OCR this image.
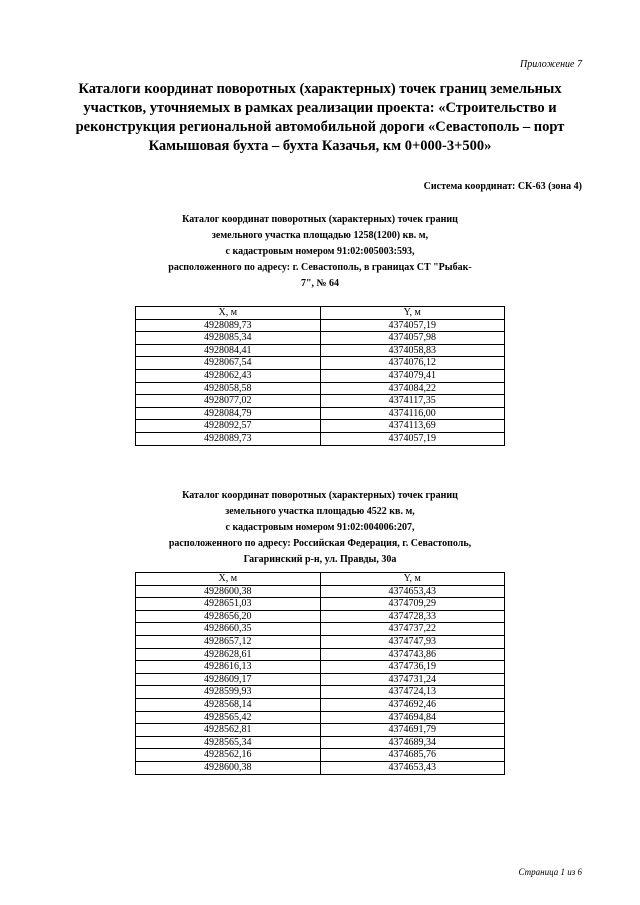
Приложение 7
Каталоги координат поворотных (характерных) точек границ земельных участков, уточняемых в рамках реализации проекта: «Строительство и реконструкция региональной автомобильной дороги «Севастополь – порт Камышовая бухта – бухта Казачья, км 0+000-3+500»
Система координат: СК-63 (зона 4)
Каталог координат поворотных (характерных) точек границ
земельного участка площадью 1258(1200) кв. м,
с кадастровым номером 91:02:005003:593,
расположенного по адресу: г. Севастополь, в границах СТ "Рыбак-
7", № 64
X, м	Y, м
4928089,73	4374057,19
4928085,34	4374057,98
4928084,41	4374058,83
4928067,54	4374076,12
4928062,43	4374079,41
4928058,58	4374084,22
4928077,02	4374117,35
4928084,79	4374116,00
4928092,57	4374113,69
4928089,73	4374057,19
Каталог координат поворотных (характерных) точек границ
земельного участка площадью 4522 кв. м,
с кадастровым номером 91:02:004006:207,
расположенного по адресу: Российская Федерация, г. Севастополь,
Гагаринский р-н, ул. Правды, 30а
X, м	Y, м
4928600,38	4374653,43
4928651,03	4374709,29
4928656,20	4374728,33
4928660,35	4374737,22
4928657,12	4374747,93
4928628,61	4374743,86
4928616,13	4374736,19
4928609,17	4374731,24
4928599,93	4374724,13
4928568,14	4374692,46
4928565,42	4374694,84
4928562,81	4374691,79
4928565,34	4374689,34
4928562,16	4374685,76
4928600,38	4374653,43
Страница 1 из 6
